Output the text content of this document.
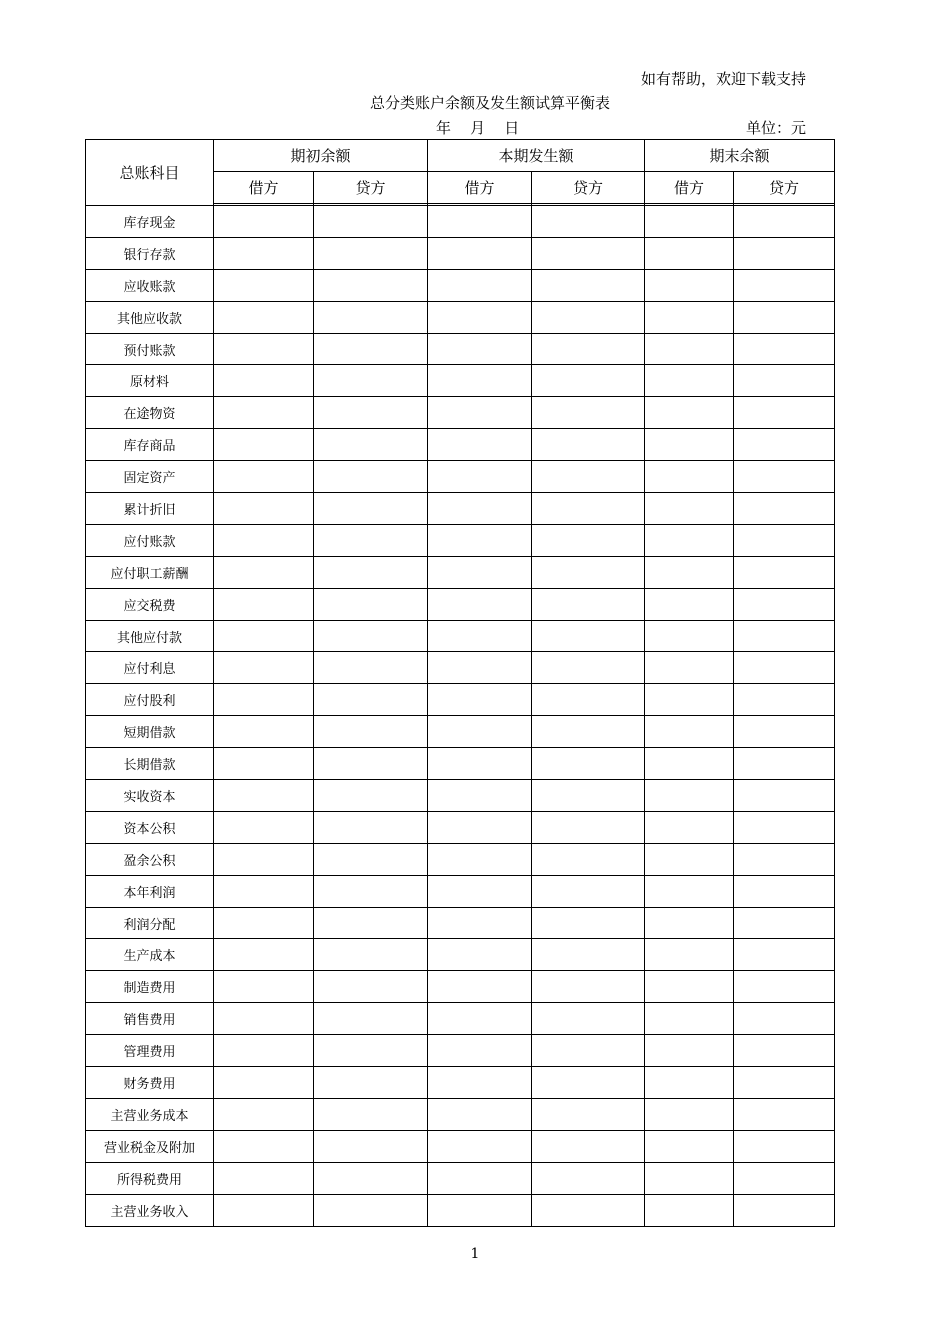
如有帮助，欢迎下载支持
总分类账户余额及发生额试算平衡表
年 月 日	单位：元
总账科目	期初余额		本期发生额		期末余额	
	借方	贷方	借方	贷方	借方	贷方

库存现金						
银行存款						
应收账款						
其他应收款						
预付账款						
原材料						
在途物资						
库存商品						
固定资产						
累计折旧						
应付账款						
应付职工薪酬						
应交税费						
其他应付款						
应付利息						
应付股利						
短期借款						
长期借款						
实收资本						
资本公积						
盈余公积						
本年利润						
利润分配						
生产成本						
制造费用						
销售费用						
管理费用						
财务费用						
主营业务成本						
营业税金及附加						
所得税费用						
主营业务收入						
1
